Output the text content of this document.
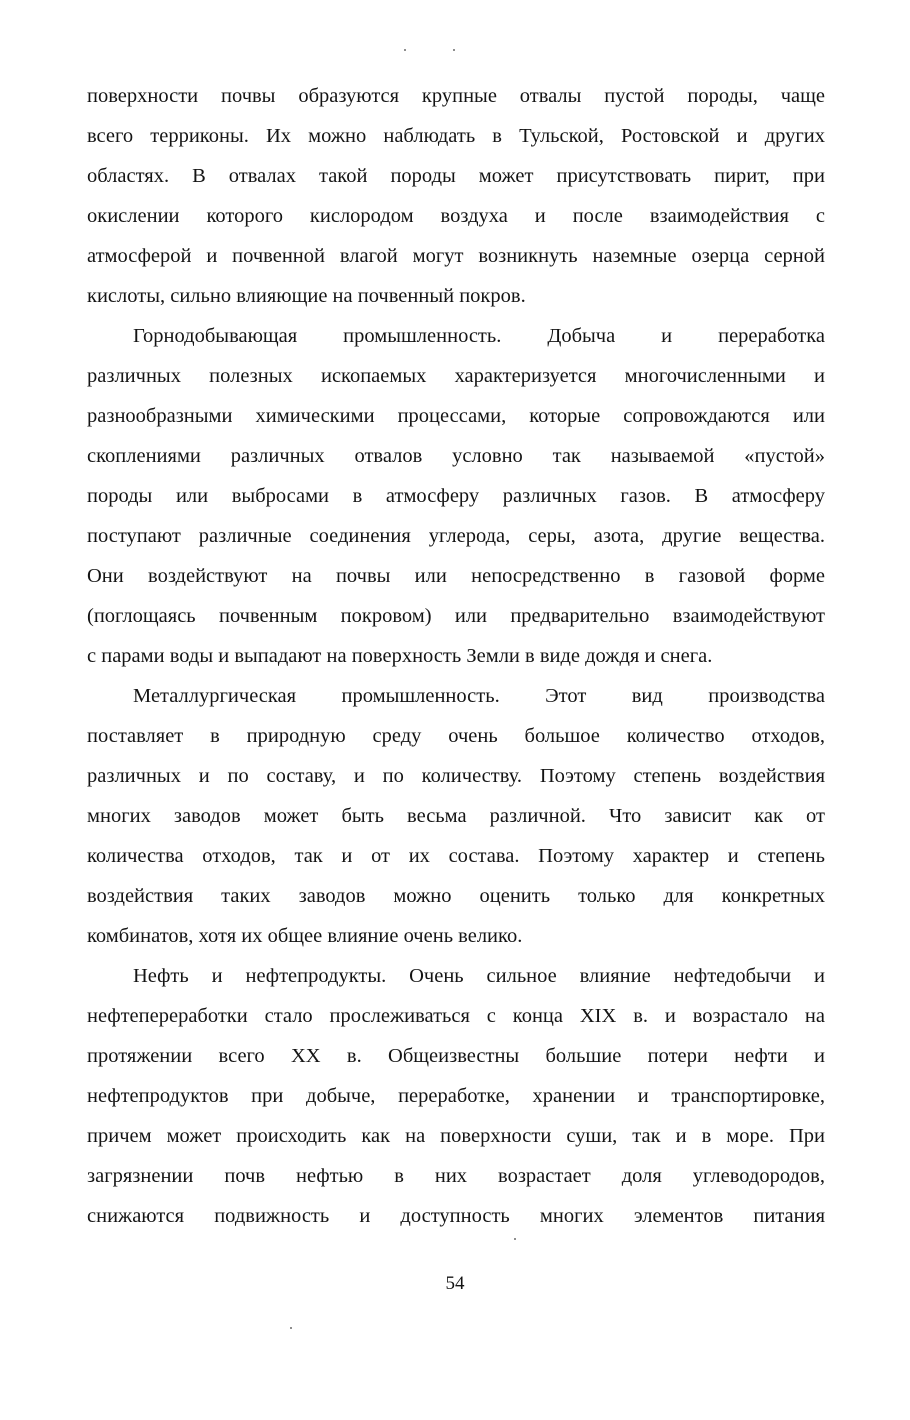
поверхности почвы образуются крупные отвалы пустой породы, чаще
всего терриконы. Их можно наблюдать в Тульской, Ростовской и других
областях. В отвалах такой породы может присутствовать пирит, при
окислении которого кислородом воздуха и после взаимодействия с
атмосферой и почвенной влагой могут возникнуть наземные озерца серной
кислоты, сильно влияющие на почвенный покров.
Горнодобывающая промышленность. Добыча и переработка
различных полезных ископаемых характеризуется многочисленными и
разнообразными химическими процессами, которые сопровождаются или
скоплениями различных отвалов условно так называемой «пустой»
породы или выбросами в атмосферу различных газов. В атмосферу
поступают различные соединения углерода, серы, азота, другие вещества.
Они воздействуют на почвы или непосредственно в газовой форме
(поглощаясь почвенным покровом) или предварительно взаимодействуют
с парами воды и выпадают на поверхность Земли в виде дождя и снега.
Металлургическая промышленность. Этот вид производства
поставляет в природную среду очень большое количество отходов,
различных и по составу, и по количеству. Поэтому степень воздействия
многих заводов может быть весьма различной. Что зависит как от
количества отходов, так и от их состава. Поэтому характер и степень
воздействия таких заводов можно оценить только для конкретных
комбинатов, хотя их общее влияние очень велико.
Нефть и нефтепродукты. Очень сильное влияние нефтедобычи и
нефтепереработки стало прослеживаться с конца XIX в. и возрастало на
протяжении всего XX в. Общеизвестны большие потери нефти и
нефтепродуктов при добыче, переработке, хранении и транспортировке,
причем может происходить как на поверхности суши, так и в море. При
загрязнении почв нефтью в них возрастает доля углеводородов,
снижаются подвижность и доступность многих элементов питания
54
